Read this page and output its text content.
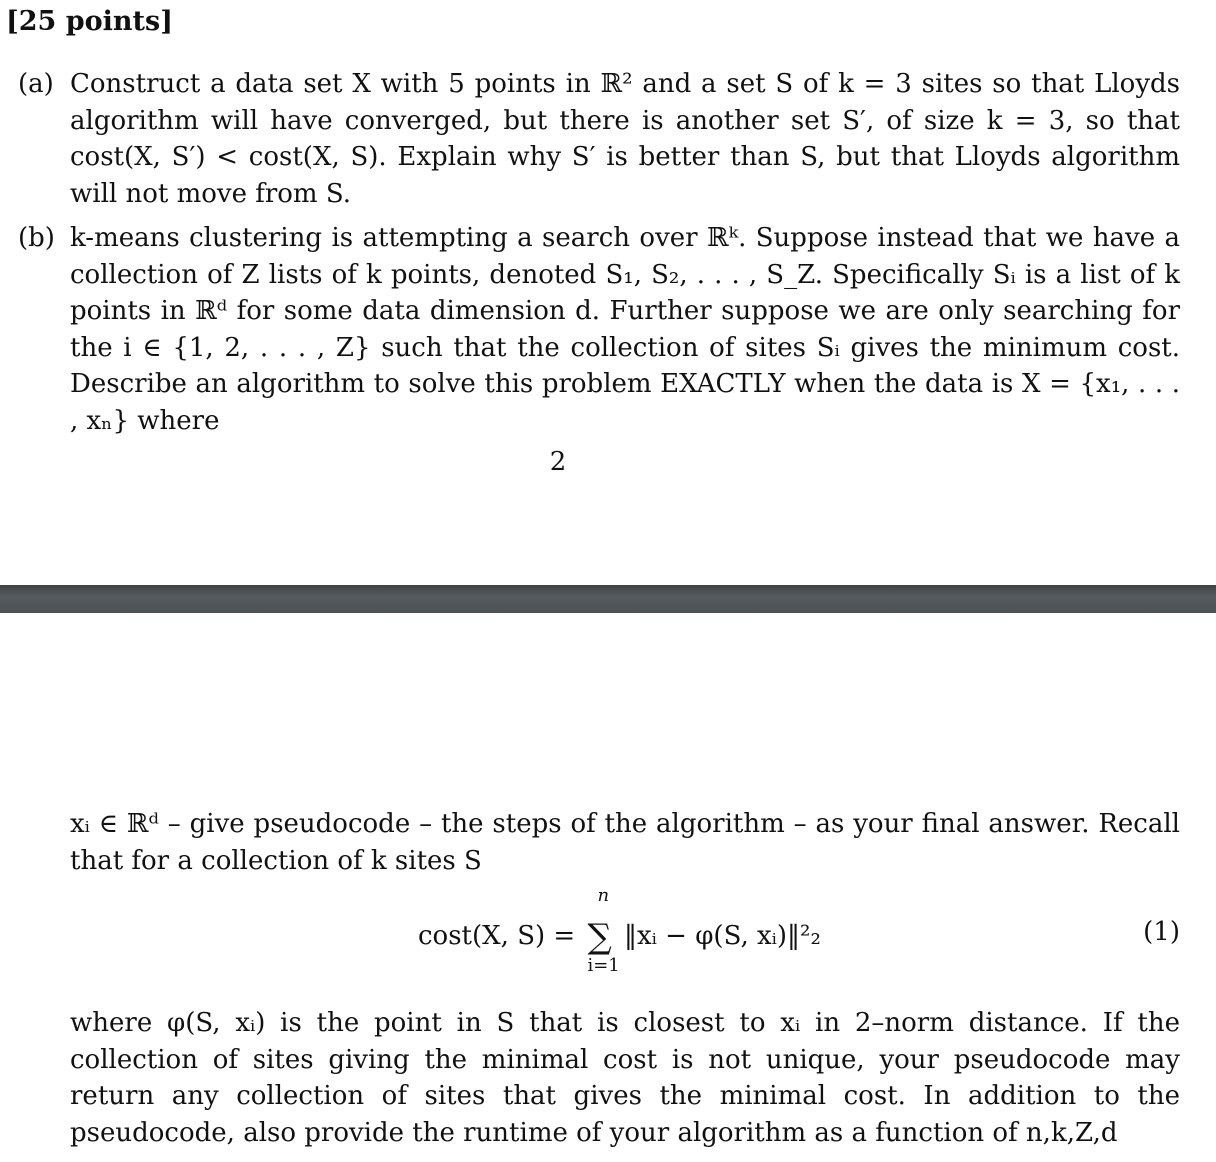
[25 points]
(a) Construct a data set X with 5 points in ℝ² and a set S of k = 3 sites so that Lloyds algorithm will have converged, but there is another set S′, of size k = 3, so that cost(X, S′) < cost(X, S). Explain why S′ is better than S, but that Lloyds algorithm will not move from S.
(b) k-means clustering is attempting a search over ℝᵏ. Suppose instead that we have a collection of Z lists of k points, denoted S₁, S₂, . . . , S_Z. Specifically Sᵢ is a list of k points in ℝᵈ for some data dimension d. Further suppose we are only searching for the i ∈ {1, 2, . . . , Z} such that the collection of sites Sᵢ gives the minimum cost. Describe an algorithm to solve this problem EXACTLY when the data is X = {x₁, . . . , xₙ} where
2
xᵢ ∈ ℝᵈ – give pseudocode – the steps of the algorithm – as your final answer. Recall that for a collection of k sites S
cost(X, S) = ∑
n
i=1
‖xᵢ − φ(S, xᵢ)‖²₂	(1)
where φ(S, xᵢ) is the point in S that is closest to xᵢ in 2–norm distance. If the collection of sites giving the minimal cost is not unique, your pseudocode may return any collection of sites that gives the minimal cost. In addition to the pseudocode, also provide the runtime of your algorithm as a function of n,k,Z,d
